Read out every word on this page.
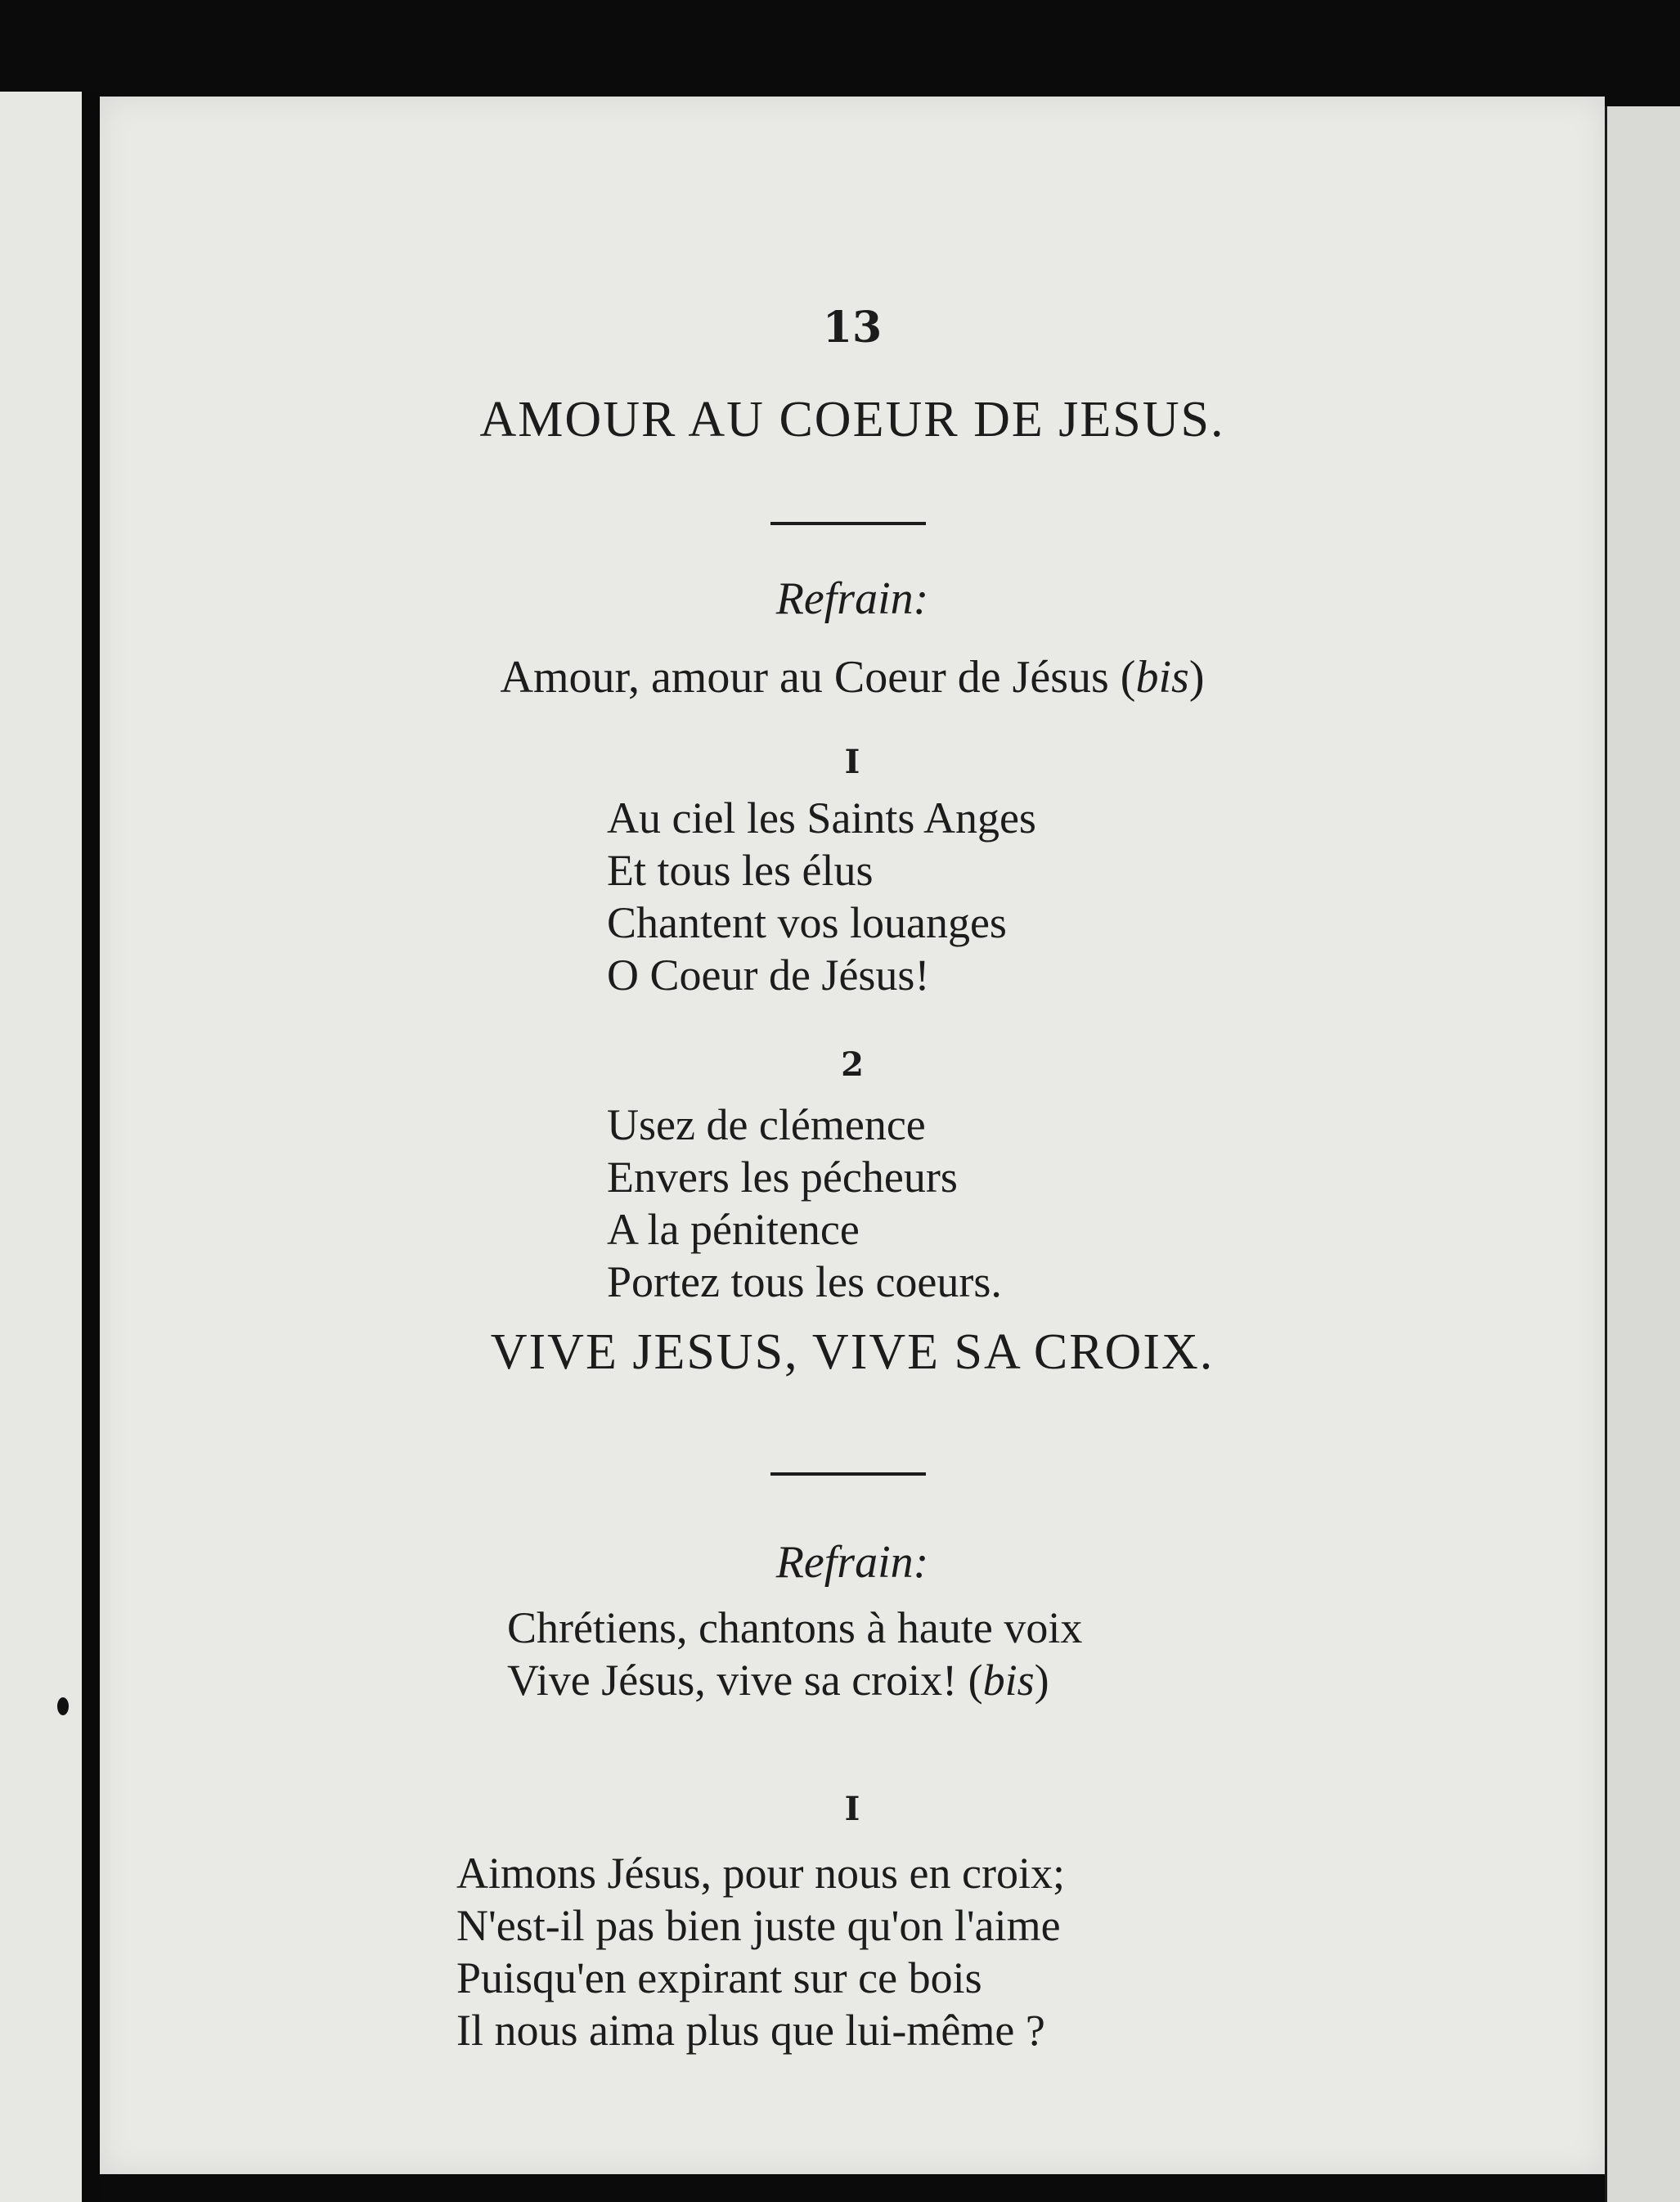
13
AMOUR AU COEUR DE JESUS.
Refrain:
Amour, amour au Coeur de Jésus (bis)
I
Au ciel les Saints Anges
Et tous les élus
Chantent vos louanges
O Coeur de Jésus!
2
Usez de clémence
Envers les pécheurs
A la pénitence
Portez tous les coeurs.
VIVE JESUS, VIVE SA CROIX.
Refrain:
Chrétiens, chantons à haute voix
Vive Jésus, vive sa croix! (bis)
I
Aimons Jésus, pour nous en croix;
N'est-il pas bien juste qu'on l'aime
Puisqu'en expirant sur ce bois
Il nous aima plus que lui-même ?
